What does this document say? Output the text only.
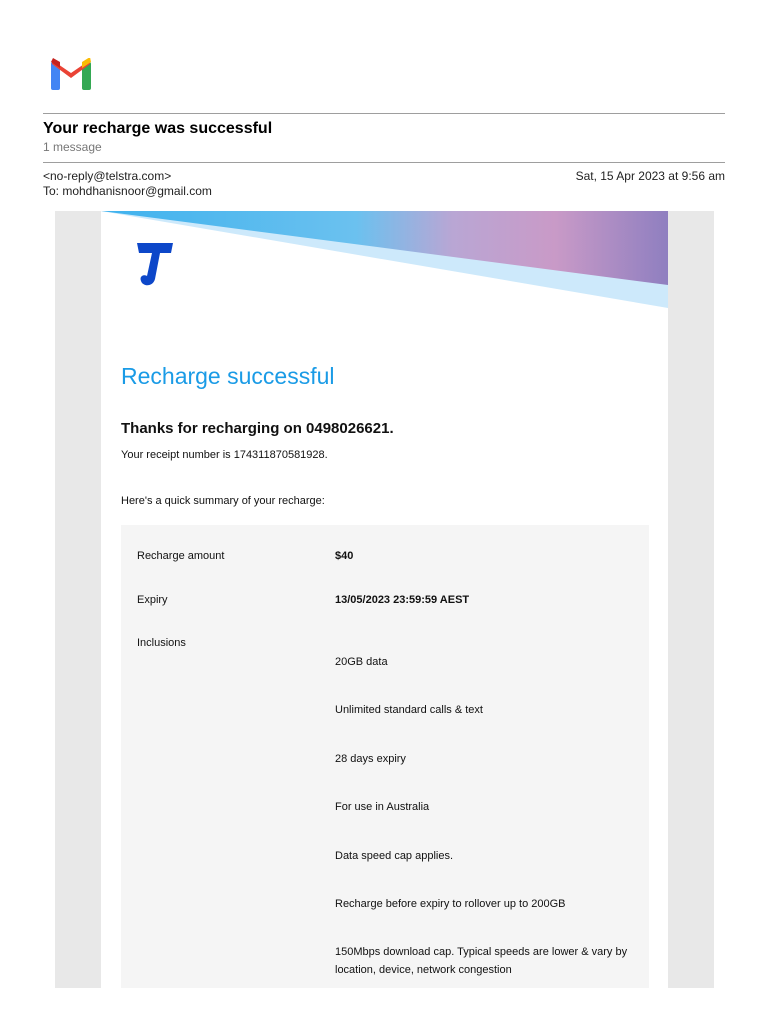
Your recharge was successful
1 message
<no-reply@telstra.com>
To: mohdhanisnoor@gmail.com
Sat, 15 Apr 2023 at 9:56 am
Recharge successful
Thanks for recharging on 0498026621.
Your receipt number is 174311870581928.
Here's a quick summary of your recharge:
Recharge amount	$40
Expiry	13/05/2023 23:59:59 AEST
Inclusions
20GB data
Unlimited standard calls & text
28 days expiry
For use in Australia
Data speed cap applies.
Recharge before expiry to rollover up to 200GB
150Mbps download cap. Typical speeds are lower & vary by location, device, network congestion
